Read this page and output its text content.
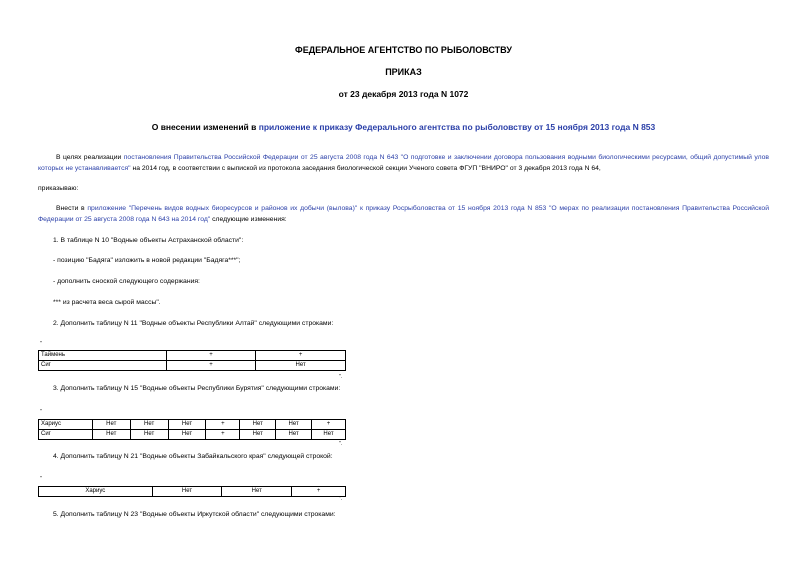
ФЕДЕРАЛЬНОЕ АГЕНТСТВО ПО РЫБОЛОВСТВУ
ПРИКАЗ
от 23 декабря 2013 года N 1072
О внесении изменений в приложение к приказу Федерального агентства по рыболовству от 15 ноября 2013 года N 853
В целях реализации постановления Правительства Российской Федерации от 25 августа 2008 года N 643 "О подготовке и заключении договора пользования водными биологическими ресурсами, общий допустимый улов которых не устанавливается" на 2014 год, в соответствии с выпиской из протокола заседания биологической секции Ученого совета ФГУП "ВНИРО" от 3 декабря 2013 года N 64,
приказываю:
Внести в приложение "Перечень видов водных биоресурсов и районов их добычи (вылова)" к приказу Росрыболовства от 15 ноября 2013 года N 853 "О мерах по реализации постановления Правительства Российской Федерации от 25 августа 2008 года N 643 на 2014 год" следующие изменения:
1. В таблице N 10 "Водные объекты Астраханской области":
- позицию "Бадяга" изложить в новой редакции "Бадяга***";
- дополнить сноской следующего содержания:
*** из расчета веса сырой массы".
2. Дополнить таблицу N 11 "Водные объекты Республики Алтай" следующими строками:
"
Таймень	+	+
Сиг	+	Нет
".
3. Дополнить таблицу N 15 "Водные объекты Республики Бурятия" следующими строками:
"
Хариус	Нет	Нет	Нет	+	Нет	Нет	+
Сиг	Нет	Нет	Нет	+	Нет	Нет	Нет
".
4. Дополнить таблицу N 21 "Водные объекты Забайкальского края" следующей строкой:
"
Хариус	Нет	Нет	+
".
5. Дополнить таблицу N 23 "Водные объекты Иркутской области" следующими строками:
